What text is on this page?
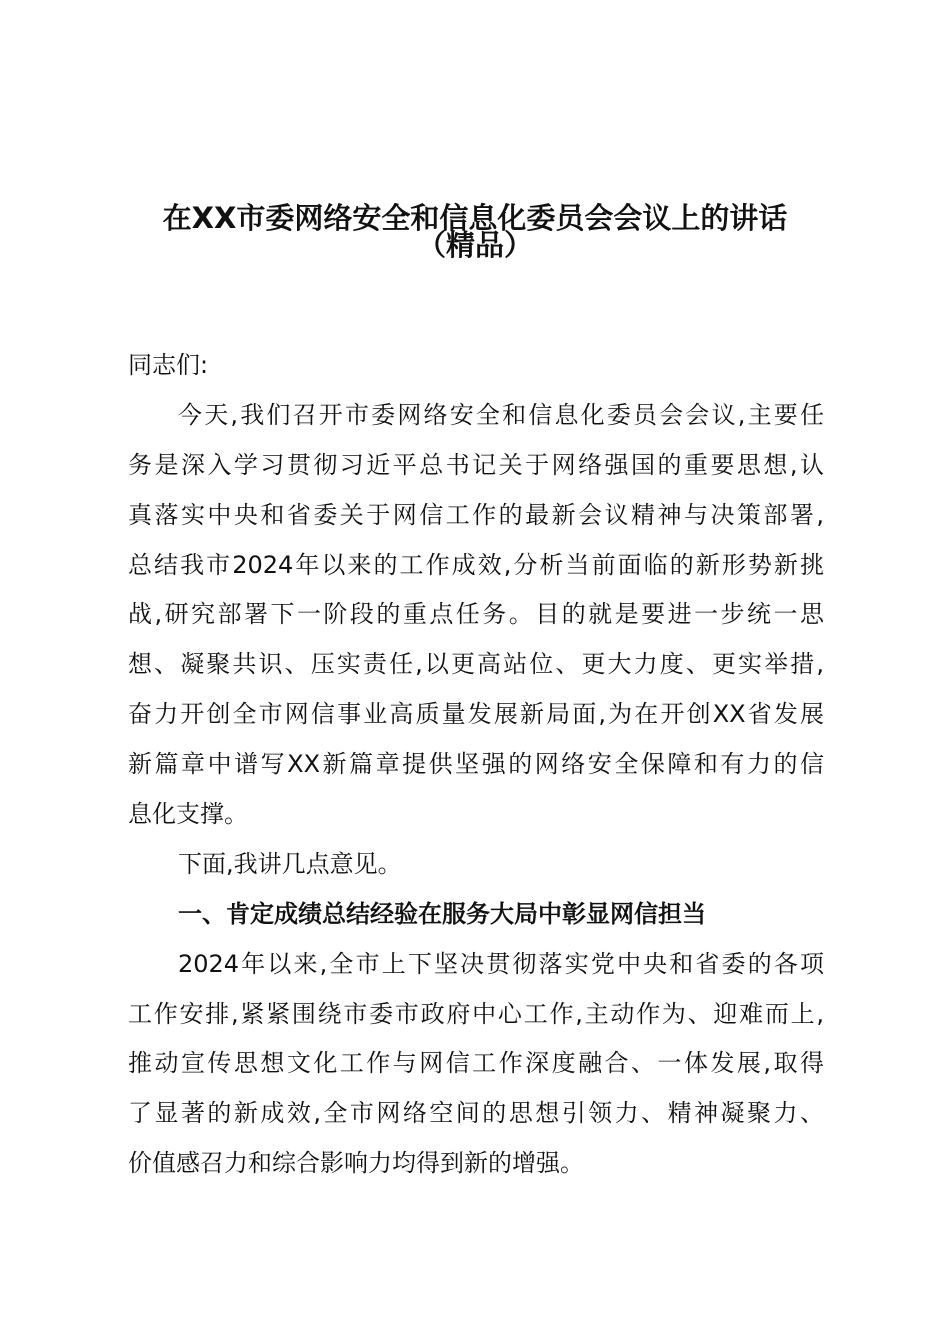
在XX市委网络安全和信息化委员会会议上的讲话
（精品）
同志们:
今天,我们召开市委网络安全和信息化委员会会议,主要任
务是深入学习贯彻习近平总书记关于网络强国的重要思想,认
真落实中央和省委关于网信工作的最新会议精神与决策部署,
总结我市2024年以来的工作成效,分析当前面临的新形势新挑
战,研究部署下一阶段的重点任务。目的就是要进一步统一思
想、凝聚共识、压实责任,以更高站位、更大力度、更实举措,
奋力开创全市网信事业高质量发展新局面,为在开创XX省发展
新篇章中谱写XX新篇章提供坚强的网络安全保障和有力的信
息化支撑。
下面,我讲几点意见。
一、肯定成绩总结经验在服务大局中彰显网信担当
2024年以来,全市上下坚决贯彻落实党中央和省委的各项
工作安排,紧紧围绕市委市政府中心工作,主动作为、迎难而上,
推动宣传思想文化工作与网信工作深度融合、一体发展,取得
了显著的新成效,全市网络空间的思想引领力、精神凝聚力、
价值感召力和综合影响力均得到新的增强。
